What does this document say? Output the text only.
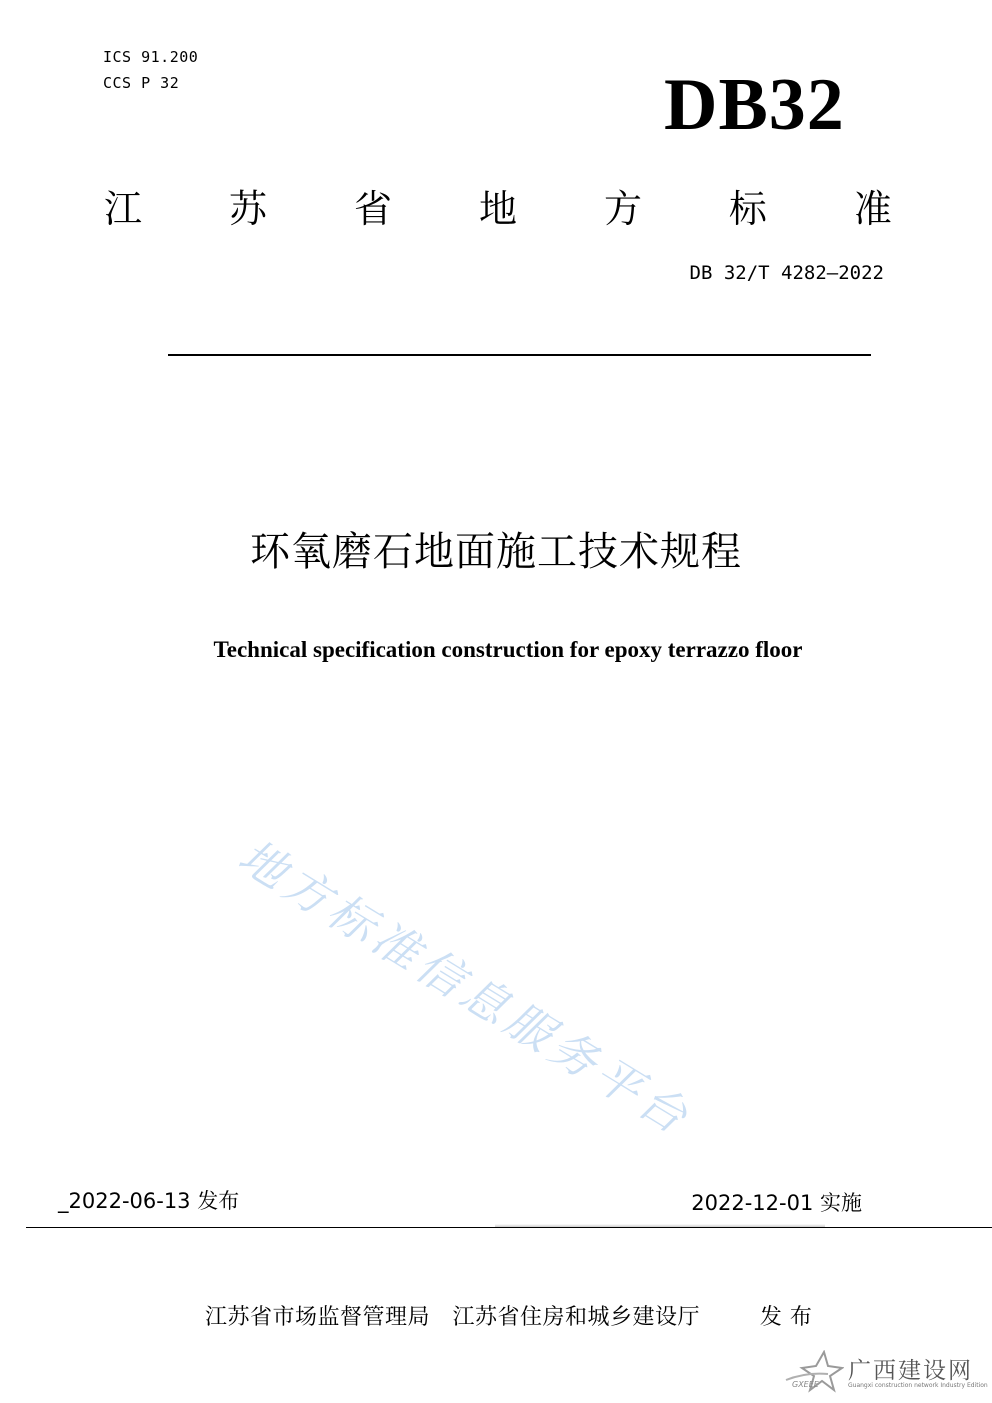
ICS 91.200
CCS P 32	DB32
江 苏 省 地 方 标 准
DB 32/T 4282—2022
环氧磨石地面施工技术规程
Technical specification construction for epoxy terrazzo floor
地方标准信息服务平台
_2022-06-13 发布	2022-12-01 实施
江苏省市场监督管理局   江苏省住房和城乡建设厅        发 布
GXEEE
广西建设网
Guangxi construction network Industry Edition
